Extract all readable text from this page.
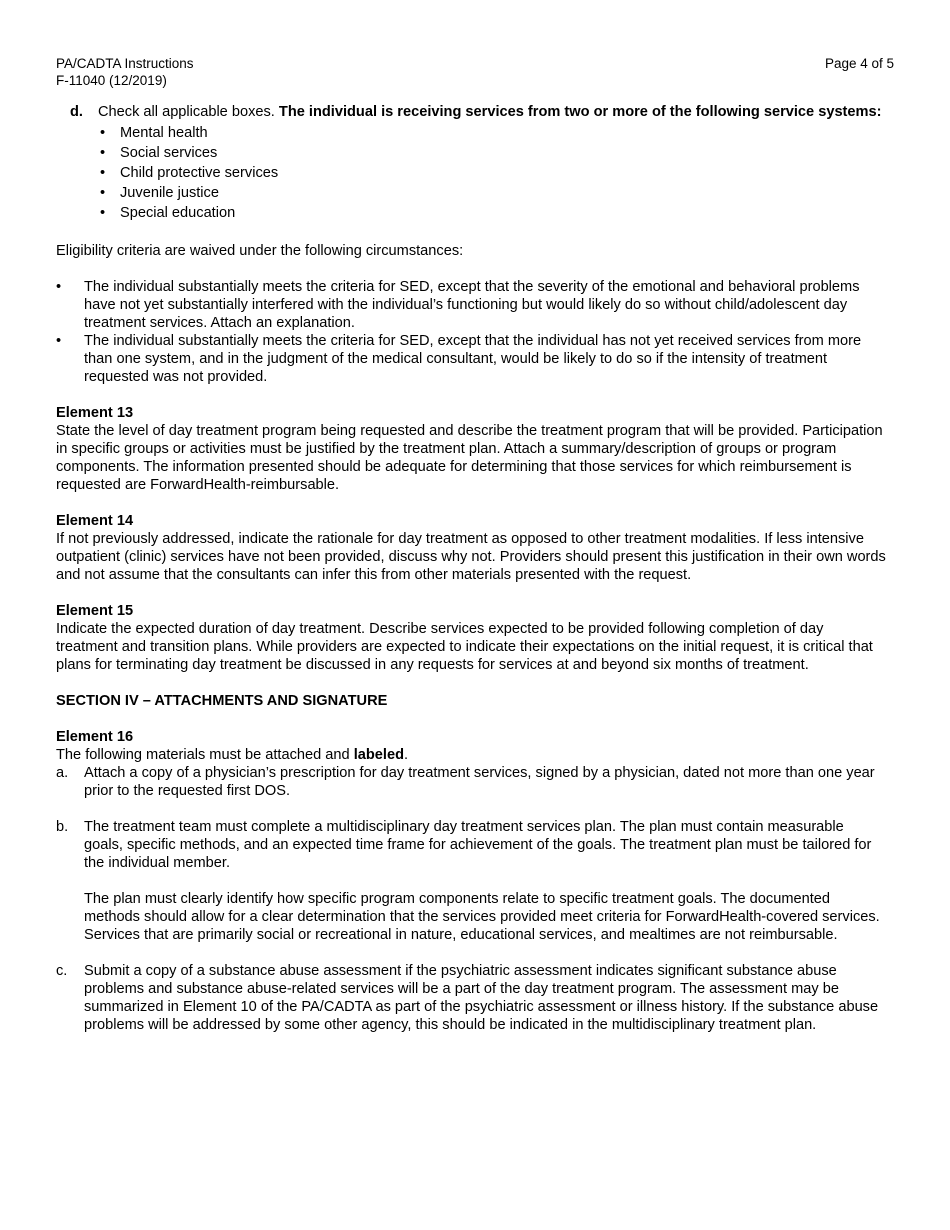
PA/CADTA Instructions
F-11040 (12/2019)
Page 4 of 5
d.	Check all applicable boxes. The individual is receiving services from two or more of the following service systems:

•	Mental health
•	Social services
•	Child protective services
•	Juvenile justice
•	Special education

Eligibility criteria are waived under the following circumstances:

•	The individual substantially meets the criteria for SED, except that the severity of the emotional and behavioral problems have not yet substantially interfered with the individual’s functioning but would likely do so without child/adolescent day treatment services. Attach an explanation.
•	The individual substantially meets the criteria for SED, except that the individual has not yet received services from more than one system, and in the judgment of the medical consultant, would be likely to do so if the intensity of treatment requested was not provided.

Element 13

State the level of day treatment program being requested and describe the treatment program that will be provided. Participation in specific groups or activities must be justified by the treatment plan. Attach a summary/description of groups or program components. The information presented should be adequate for determining that those services for which reimbursement is requested are ForwardHealth-reimbursable.

Element 14

If not previously addressed, indicate the rationale for day treatment as opposed to other treatment modalities. If less intensive outpatient (clinic) services have not been provided, discuss why not. Providers should present this justification in their own words and not assume that the consultants can infer this from other materials presented with the request.

Element 15

Indicate the expected duration of day treatment. Describe services expected to be provided following completion of day treatment and transition plans. While providers are expected to indicate their expectations on the initial request, it is critical that plans for terminating day treatment be discussed in any requests for services at and beyond six months of treatment.

SECTION IV – ATTACHMENTS AND SIGNATURE

Element 16

The following materials must be attached and labeled.

a.	Attach a copy of a physician’s prescription for day treatment services, signed by a physician, dated not more than one year prior to the requested first DOS.

b.	The treatment team must complete a multidisciplinary day treatment services plan. The plan must contain measurable goals, specific methods, and an expected time frame for achievement of the goals. The treatment plan must be tailored for the individual member.

The plan must clearly identify how specific program components relate to specific treatment goals. The documented methods should allow for a clear determination that the services provided meet criteria for ForwardHealth-covered services. Services that are primarily social or recreational in nature, educational services, and mealtimes are not reimbursable.

c.	Submit a copy of a substance abuse assessment if the psychiatric assessment indicates significant substance abuse problems and substance abuse-related services will be a part of the day treatment program. The assessment may be summarized in Element 10 of the PA/CADTA as part of the psychiatric assessment or illness history. If the substance abuse problems will be addressed by some other agency, this should be indicated in the multidisciplinary treatment plan.
